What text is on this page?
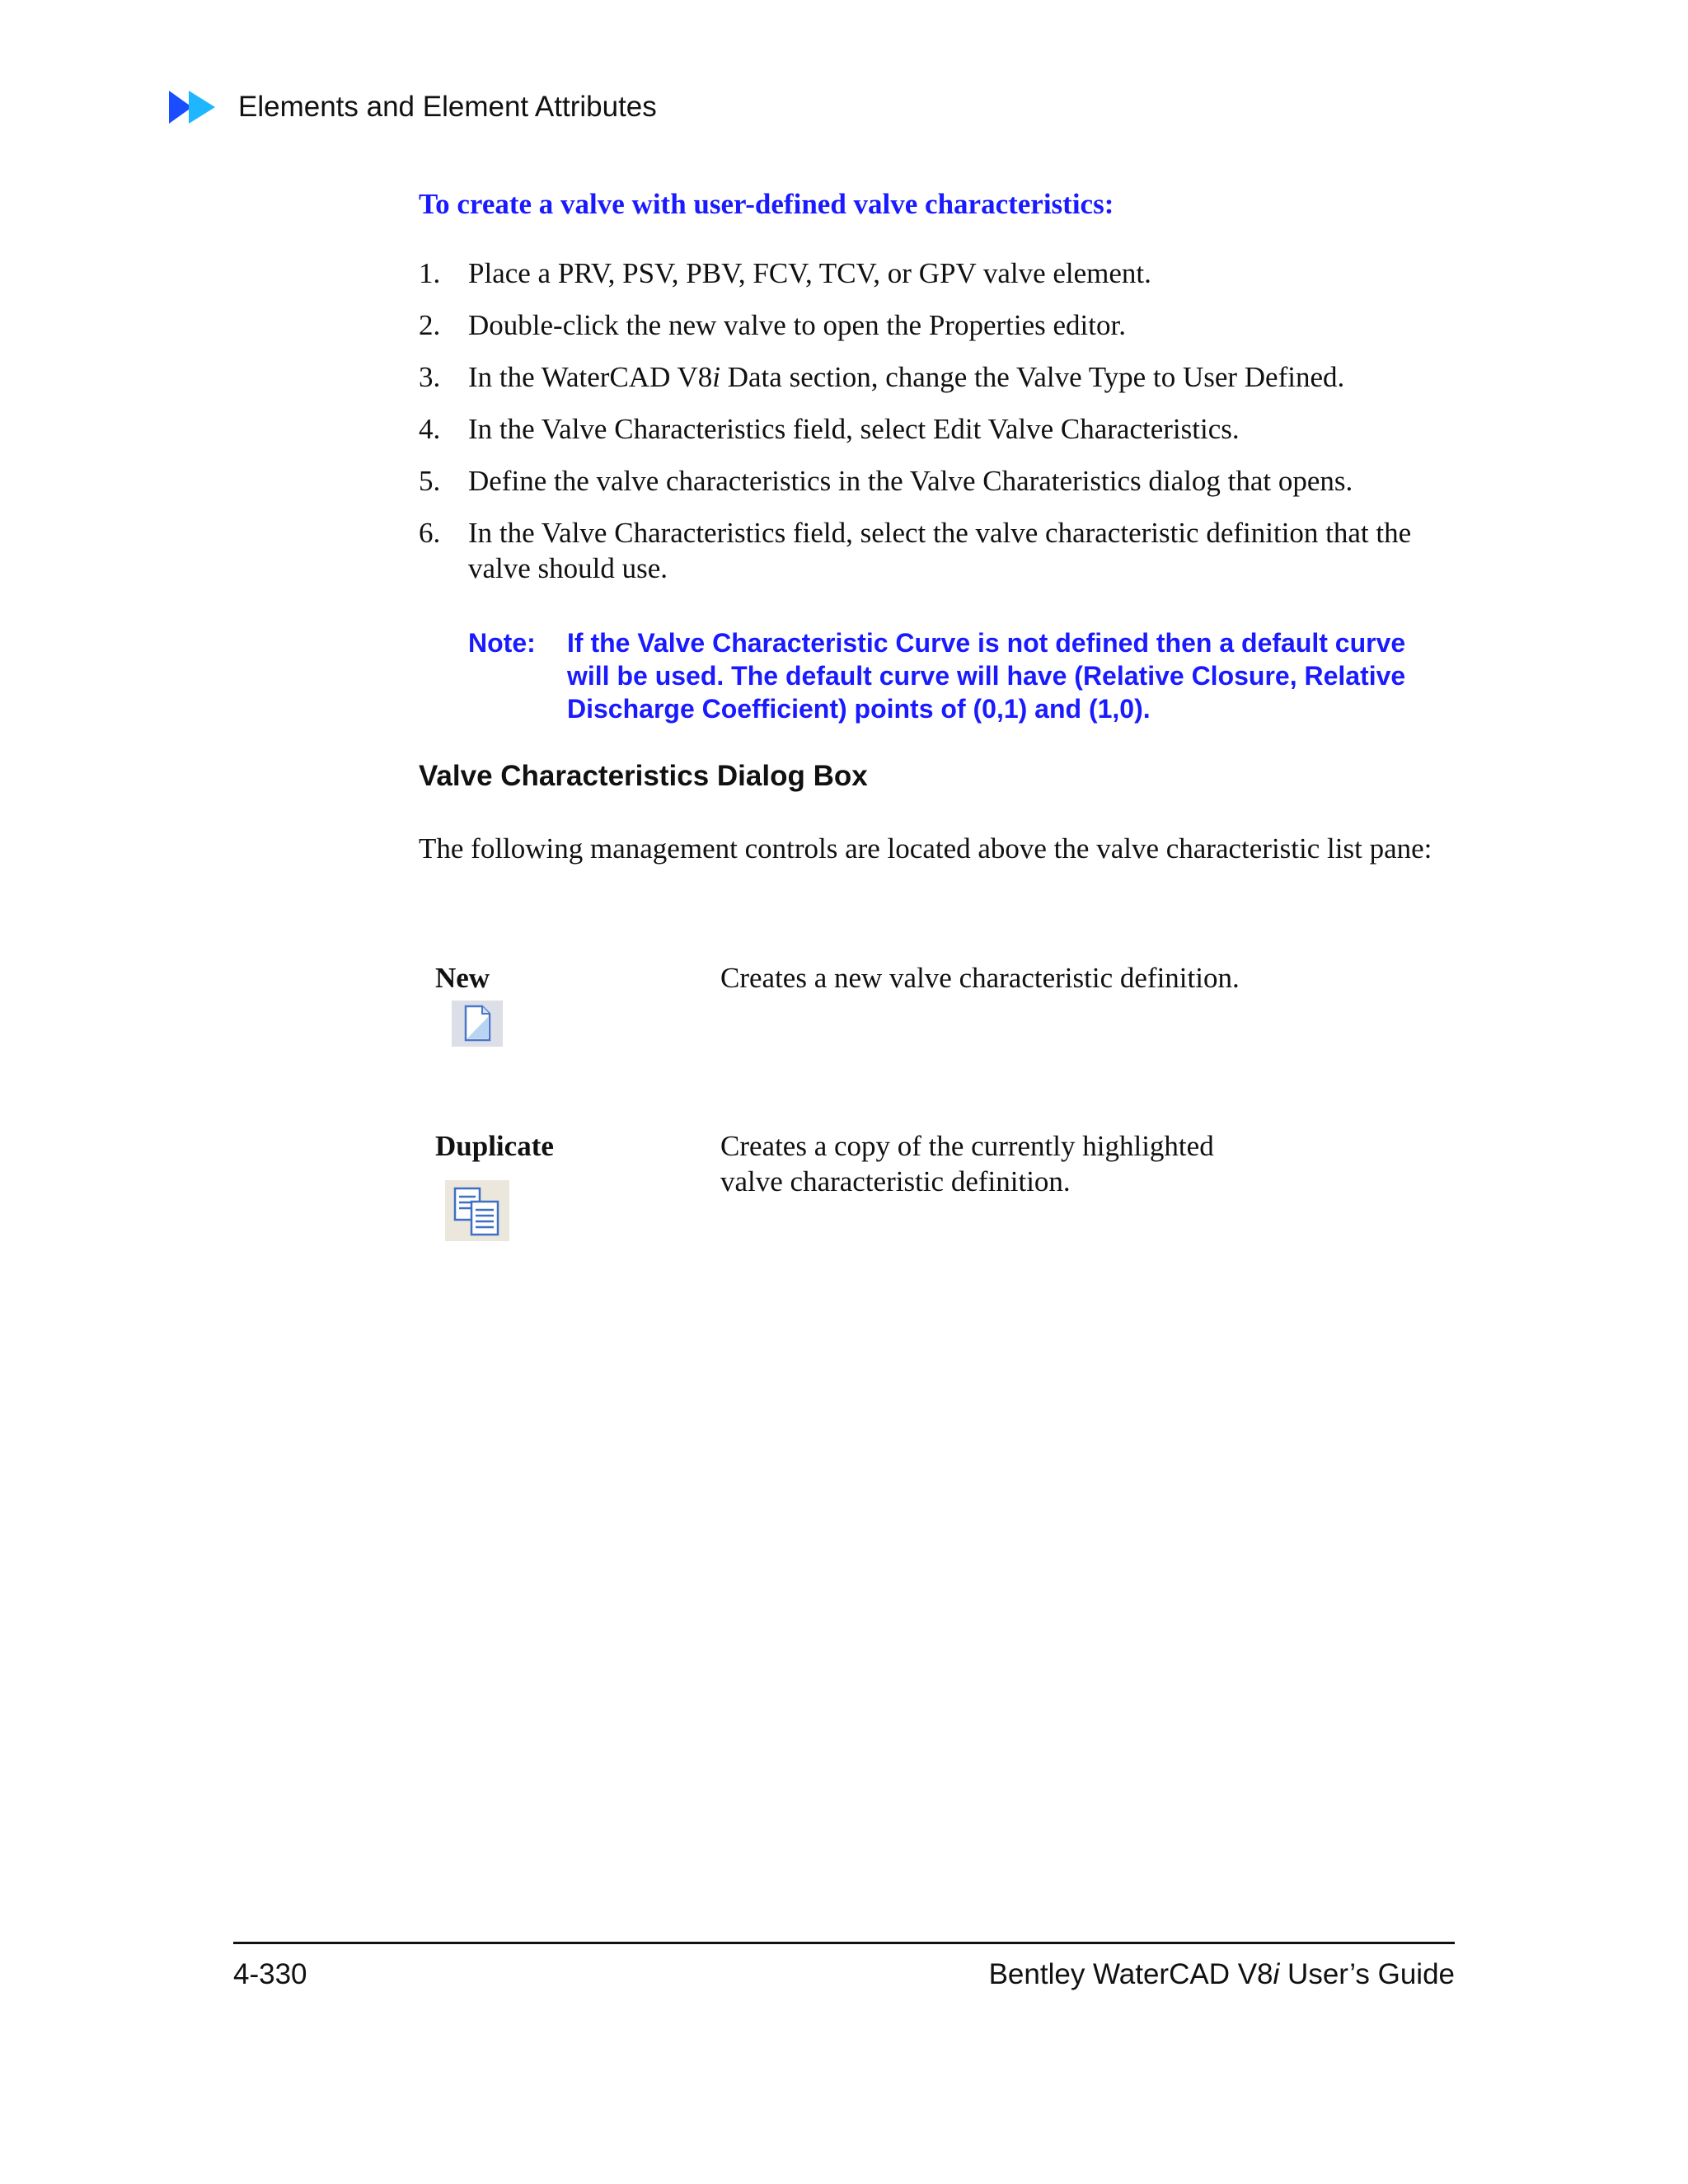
Elements and Element Attributes
To create a valve with user-defined valve characteristics:
1. Place a PRV, PSV, PBV, FCV, TCV, or GPV valve element.
2. Double-click the new valve to open the Properties editor.
3. In the WaterCAD V8i Data section, change the Valve Type to User Defined.
4. In the Valve Characteristics field, select Edit Valve Characteristics.
5. Define the valve characteristics in the Valve Charateristics dialog that opens.
6. In the Valve Characteristics field, select the valve characteristic definition that the valve should use.
Note:	If the Valve Characteristic Curve is not defined then a default curve will be used. The default curve will have (Relative Closure, Relative Discharge Coefficient) points of (0,1) and (1,0).
Valve Characteristics Dialog Box

The following management controls are located above the valve characteristic list pane:

New	Creates a new valve characteristic definition.
Duplicate	Creates a copy of the currently highlighted valve characteristic definition.
4-330	Bentley WaterCAD V8i User’s Guide
